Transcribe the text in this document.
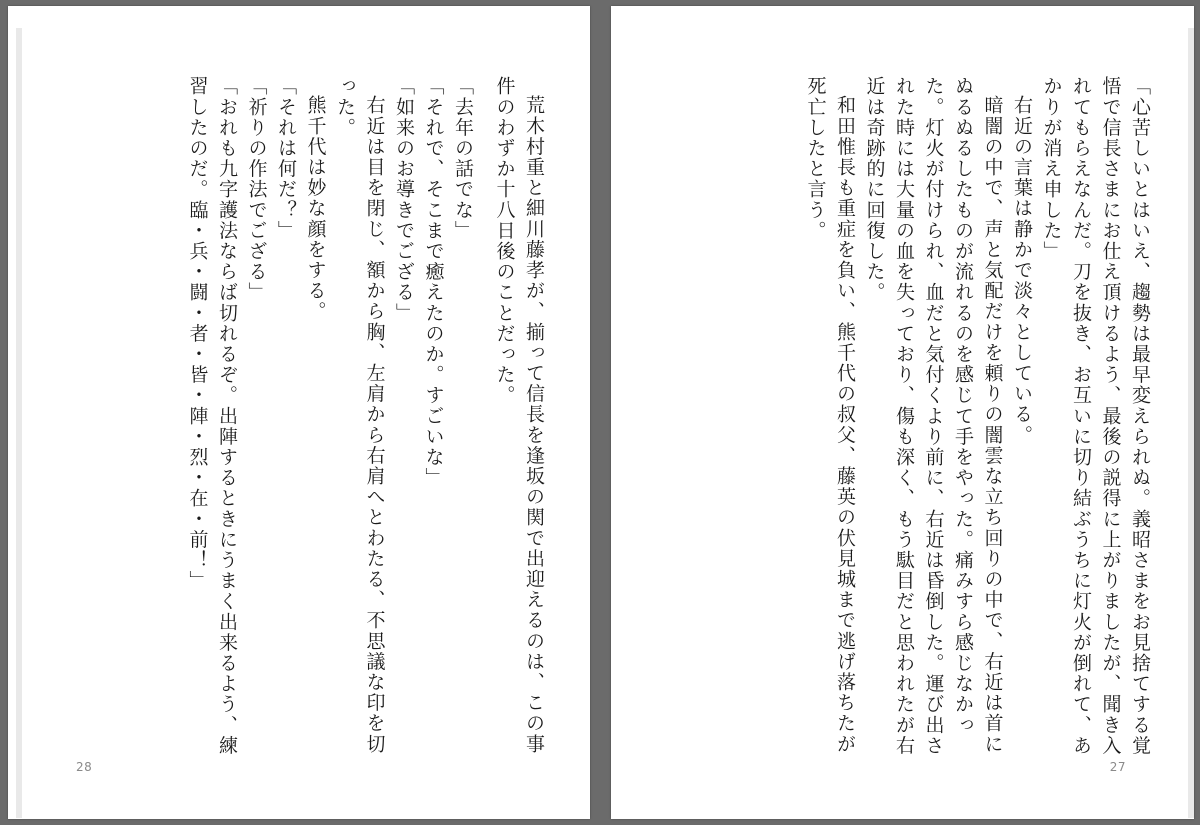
荒木村重と細川藤孝が、揃って信長を逢坂の関で出迎えるのは、この事件のわずか十八日後のことだった。

「去年の話でな」

「それで、そこまで癒えたのか。すごいな」

「如来のお導きでござる」

右近は目を閉じ、額から胸、左肩から右肩へとわたる、不思議な印を切った。

熊千代は妙な顔をする。

「それは何だ？」

「祈りの作法でござる」

「おれも九字護法ならば切れるぞ。出陣するときにうまく出来るよう、練習したのだ。臨・兵・闘・者・皆・陣・烈・在・前！」

28

「心苦しいとはいえ、趨勢は最早変えられぬ。義昭さまをお見捨てする覚悟で信長さまにお仕え頂けるよう、最後の説得に上がりましたが、聞き入れてもらえなんだ。刀を抜き、お互いに切り結ぶうちに灯火が倒れて、あかりが消え申した」

右近の言葉は静かで淡々としている。

暗闇の中で、声と気配だけを頼りの闇雲な立ち回りの中で、右近は首にぬるぬるしたものが流れるのを感じて手をやった。痛みすら感じなかった。灯火が付けられ、血だと気付くより前に、右近は昏倒した。運び出された時には大量の血を失っており、傷も深く、もう駄目だと思われたが右近は奇跡的に回復した。

和田惟長も重症を負い、熊千代の叔父、藤英の伏見城まで逃げ落ちたが死亡したと言う。

27
